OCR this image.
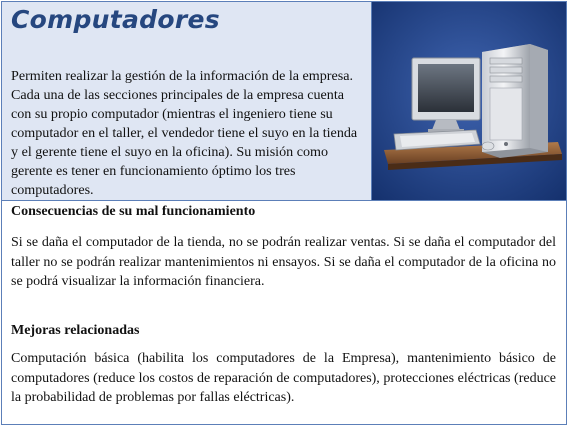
Computadores
Permiten realizar la gestión de la información de la empresa. Cada una de las secciones principales de la empresa cuenta con su propio computador (mientras el ingeniero tiene su computador en el taller, el vendedor tiene el suyo en la tienda y el gerente tiene el suyo en la oficina). Su misión como gerente es tener en funcionamiento óptimo los tres computadores.
Consecuencias de su mal funcionamiento
Si se daña el computador de la tienda, no se podrán realizar ventas. Si se daña el computador del taller no se podrán realizar mantenimientos ni ensayos. Si se daña el computador de la oficina no se podrá visualizar la información financiera.
Mejoras relacionadas
Computación básica (habilita los computadores de la Empresa), mantenimiento básico de computadores (reduce los costos de reparación de computadores), protecciones eléctricas (reduce la probabilidad de problemas por fallas eléctricas).
